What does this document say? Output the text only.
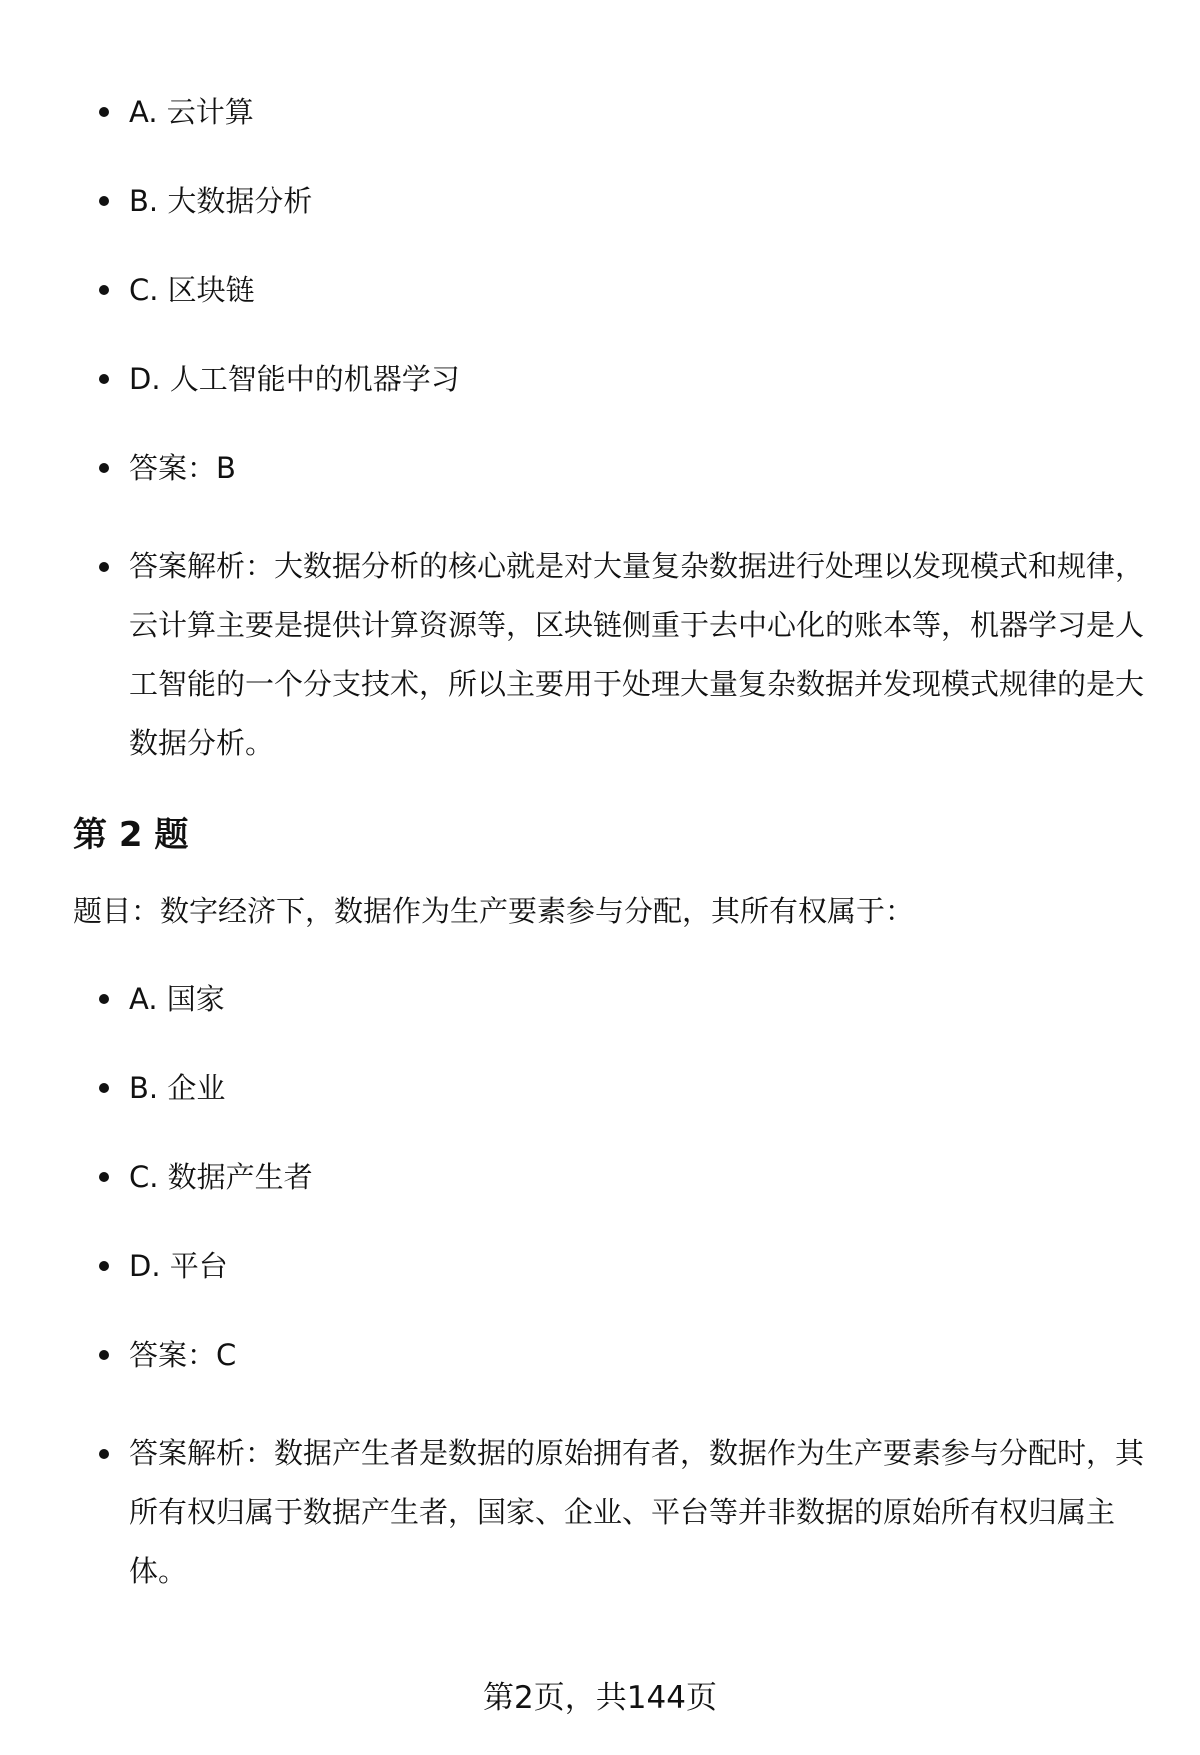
A. 云计算
B. 大数据分析
C. 区块链
D. 人工智能中的机器学习
答案：B
答案解析：大数据分析的核心就是对大量复杂数据进行处理以发现模式和规律，云计算主要是提供计算资源等，区块链侧重于去中心化的账本等，机器学习是人工智能的一个分支技术，所以主要用于处理大量复杂数据并发现模式规律的是大数据分析。
第 2 题

题目：数字经济下，数据作为生产要素参与分配，其所有权属于：

A. 国家
B. 企业
C. 数据产生者
D. 平台
答案：C
答案解析：数据产生者是数据的原始拥有者，数据作为生产要素参与分配时，其所有权归属于数据产生者，国家、企业、平台等并非数据的原始所有权归属主体。
第2页，共144页
